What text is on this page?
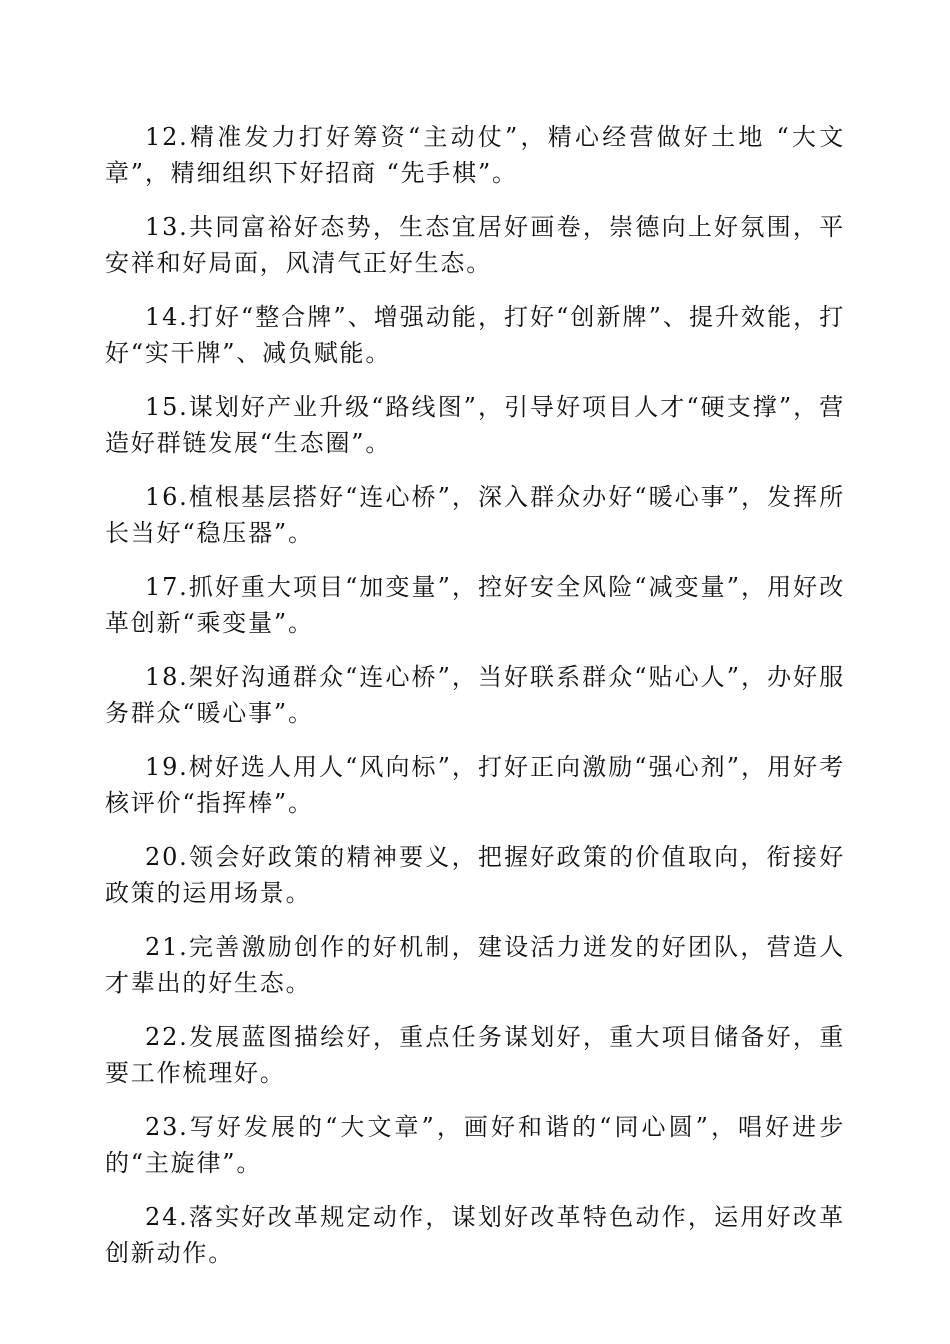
12.精准发力打好筹资“主动仗”，精心经营做好土地 “大文章”，精细组织下好招商 “先手棋”。

13.共同富裕好态势，生态宜居好画卷，崇德向上好氛围，平安祥和好局面，风清气正好生态。

14.打好“整合牌”、增强动能，打好“创新牌”、提升效能，打好“实干牌”、减负赋能。

15.谋划好产业升级“路线图”，引导好项目人才“硬支撑”，营造好群链发展“生态圈”。

16.植根基层搭好“连心桥”，深入群众办好“暖心事”，发挥所长当好“稳压器”。

17.抓好重大项目“加变量”，控好安全风险“减变量”，用好改革创新“乘变量”。

18.架好沟通群众“连心桥”，当好联系群众“贴心人”，办好服务群众“暖心事”。

19.树好选人用人“风向标”，打好正向激励“强心剂”，用好考核评价“指挥棒”。

20.领会好政策的精神要义，把握好政策的价值取向，衔接好政策的运用场景。

21.完善激励创作的好机制，建设活力迸发的好团队，营造人才辈出的好生态。

22.发展蓝图描绘好，重点任务谋划好，重大项目储备好，重要工作梳理好。

23.写好发展的“大文章”，画好和谐的“同心圆”，唱好进步的“主旋律”。

24.落实好改革规定动作，谋划好改革特色动作，运用好改革创新动作。
